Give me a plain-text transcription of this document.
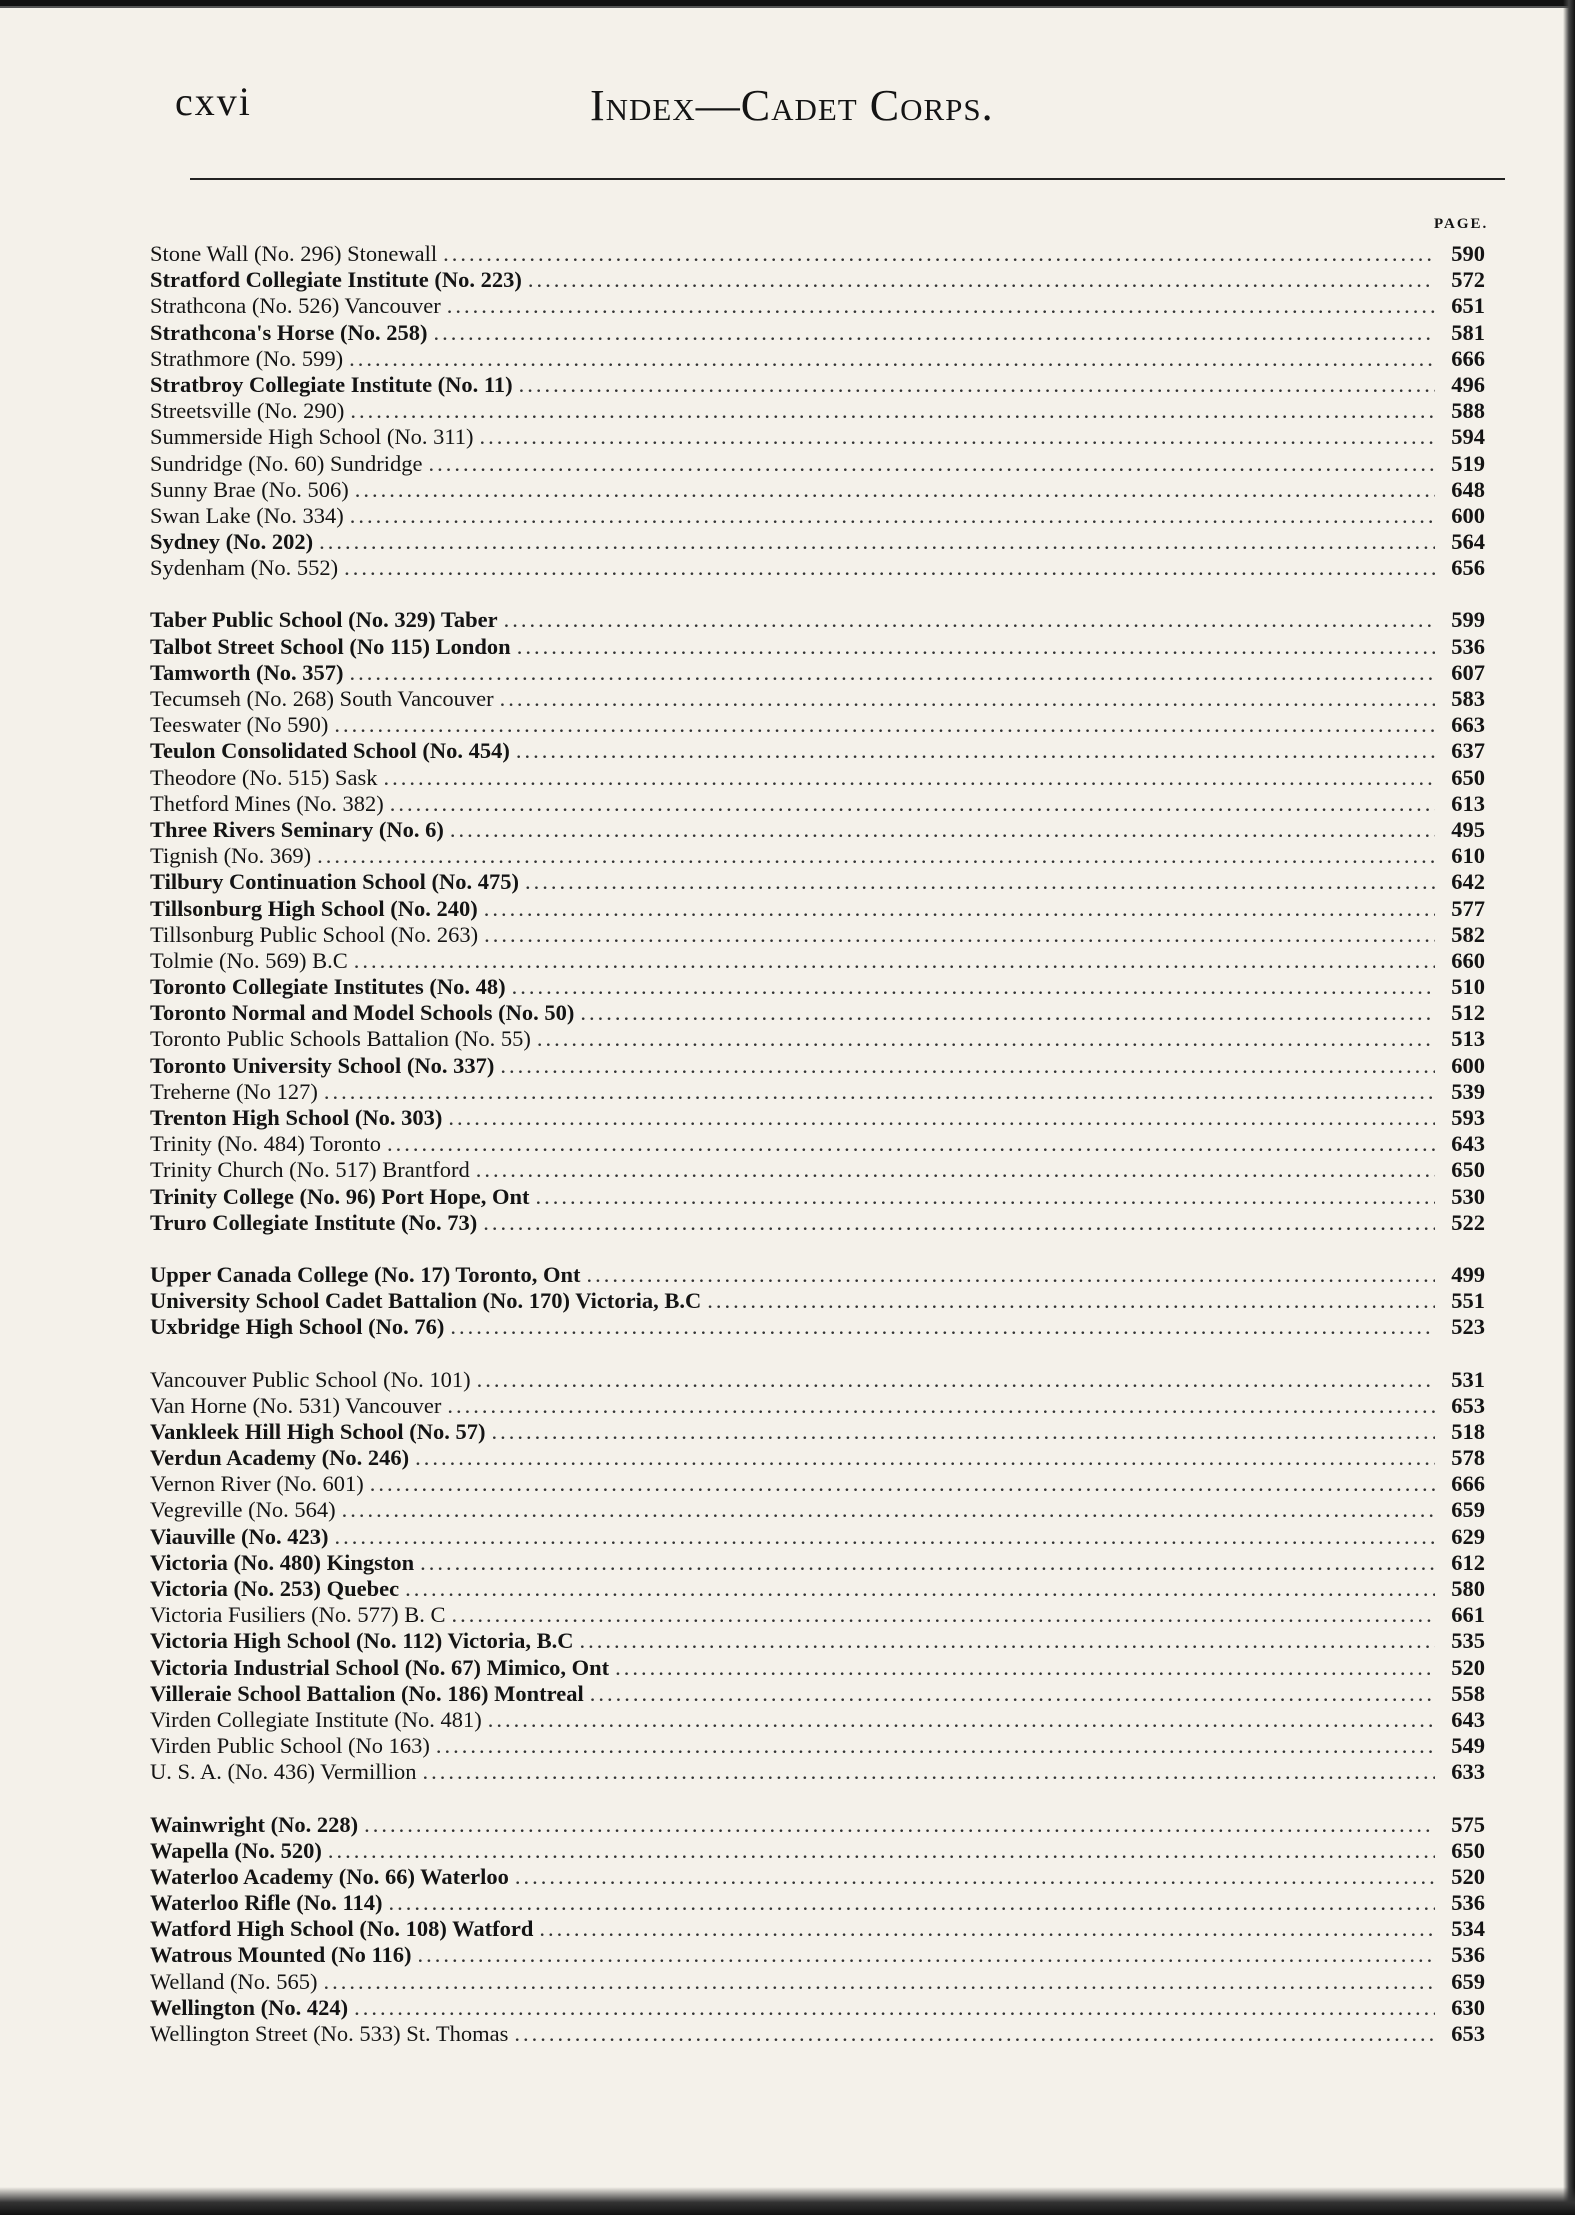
cxvi	Index—Cadet Corps.
PAGE.
Stone Wall (No. 296) Stonewall .....	590
Stratford Collegiate Institute (No. 223) .....	572
Strathcona (No. 526) Vancouver .....	651
Strathcona's Horse (No. 258) .....	581
Strathmore (No. 599) .....	666
Stratbroy Collegiate Institute (No. 11) .....	496
Streetsville (No. 290) .....	588
Summerside High School (No. 311) .....	594
Sundridge (No. 60) Sundridge .....	519
Sunny Brae (No. 506) .....	648
Swan Lake (No. 334) .....	600
Sydney (No. 202) .....	564
Sydenham (No. 552) .....	656
Taber Public School (No. 329) Taber .....	599
Talbot Street School (No 115) London .....	536
Tamworth (No. 357) .....	607
Tecumseh (No. 268) South Vancouver .....	583
Teeswater (No 590) .....	663
Teulon Consolidated School (No. 454) .....	637
Theodore (No. 515) Sask .....	650
Thetford Mines (No. 382) .....	613
Three Rivers Seminary (No. 6) .....	495
Tignish (No. 369) .....	610
Tilbury Continuation School (No. 475) .....	642
Tillsonburg High School (No. 240) .....	577
Tillsonburg Public School (No. 263) .....	582
Tolmie (No. 569) B.C .....	660
Toronto Collegiate Institutes (No. 48) .....	510
Toronto Normal and Model Schools (No. 50) .....	512
Toronto Public Schools Battalion (No. 55) .....	513
Toronto University School (No. 337) .....	600
Treherne (No 127) .....	539
Trenton High School (No. 303) .....	593
Trinity (No. 484) Toronto .....	643
Trinity Church (No. 517) Brantford .....	650
Trinity College (No. 96) Port Hope, Ont .....	530
Truro Collegiate Institute (No. 73) .....	522
Upper Canada College (No. 17) Toronto, Ont .....	499
University School Cadet Battalion (No. 170) Victoria, B.C .....	551
Uxbridge High School (No. 76) .....	523
Vancouver Public School (No. 101) .....	531
Van Horne (No. 531) Vancouver .....	653
Vankleek Hill High School (No. 57) .....	518
Verdun Academy (No. 246) .....	578
Vernon River (No. 601) .....	666
Vegreville (No. 564) .....	659
Viauville (No. 423) .....	629
Victoria (No. 480) Kingston .....	612
Victoria (No. 253) Quebec .....	580
Victoria Fusiliers (No. 577) B. C .....	661
Victoria High School (No. 112) Victoria, B.C .....	535
Victoria Industrial School (No. 67) Mimico, Ont .....	520
Villeraie School Battalion (No. 186) Montreal .....	558
Virden Collegiate Institute (No. 481) .....	643
Virden Public School (No 163) .....	549
U. S. A. (No. 436) Vermillion .....	633
Wainwright (No. 228) .....	575
Wapella (No. 520) .....	650
Waterloo Academy (No. 66) Waterloo .....	520
Waterloo Rifle (No. 114) .....	536
Watford High School (No. 108) Watford .....	534
Watrous Mounted (No 116) .....	536
Welland (No. 565) .....	659
Wellington (No. 424) .....	630
Wellington Street (No. 533) St. Thomas .....	653
